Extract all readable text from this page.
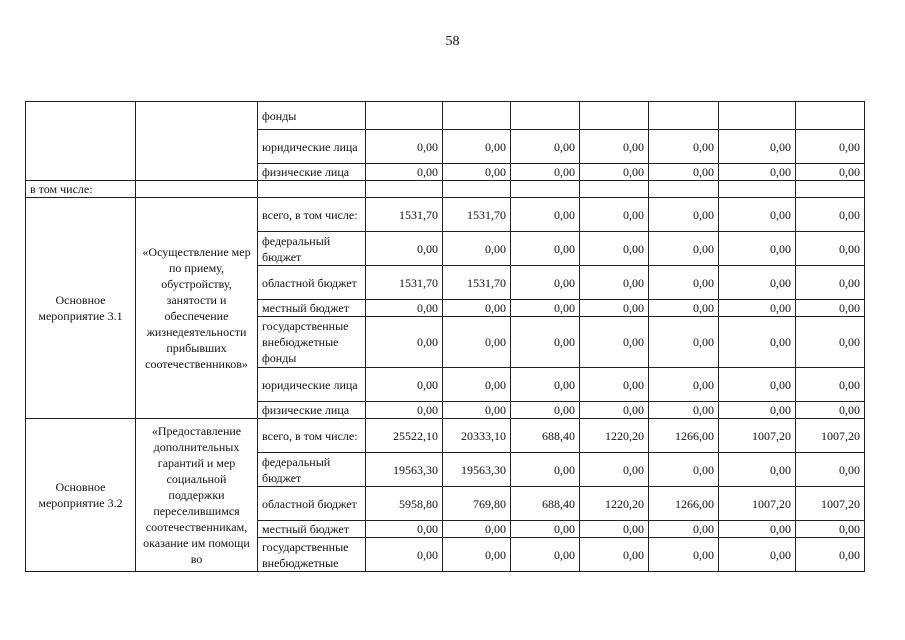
58
		фонды							
		юридические лица	0,00	0,00	0,00	0,00	0,00	0,00	0,00
		физические лица	0,00	0,00	0,00	0,00	0,00	0,00	0,00
в том числе:									
Основное мероприятие 3.1	«Осуществление мер по приему, обустройству, занятости и обеспечение жизнедеятельности прибывших соотечественников»	всего, в том числе:	1531,70	1531,70	0,00	0,00	0,00	0,00	0,00
		федеральный бюджет	0,00	0,00	0,00	0,00	0,00	0,00	0,00
		областной бюджет	1531,70	1531,70	0,00	0,00	0,00	0,00	0,00
		местный бюджет	0,00	0,00	0,00	0,00	0,00	0,00	0,00
		государственные внебюджетные фонды	0,00	0,00	0,00	0,00	0,00	0,00	0,00
		юридические лица	0,00	0,00	0,00	0,00	0,00	0,00	0,00
		физические лица	0,00	0,00	0,00	0,00	0,00	0,00	0,00
Основное мероприятие 3.2	«Предоставление дополнительных гарантий и мер социальной поддержки переселившимся соотечественникам, оказание им помощи во	всего, в том числе:	25522,10	20333,10	688,40	1220,20	1266,00	1007,20	1007,20
		федеральный бюджет	19563,30	19563,30	0,00	0,00	0,00	0,00	0,00
		областной бюджет	5958,80	769,80	688,40	1220,20	1266,00	1007,20	1007,20
		местный бюджет	0,00	0,00	0,00	0,00	0,00	0,00	0,00
		государственные внебюджетные	0,00	0,00	0,00	0,00	0,00	0,00	0,00
